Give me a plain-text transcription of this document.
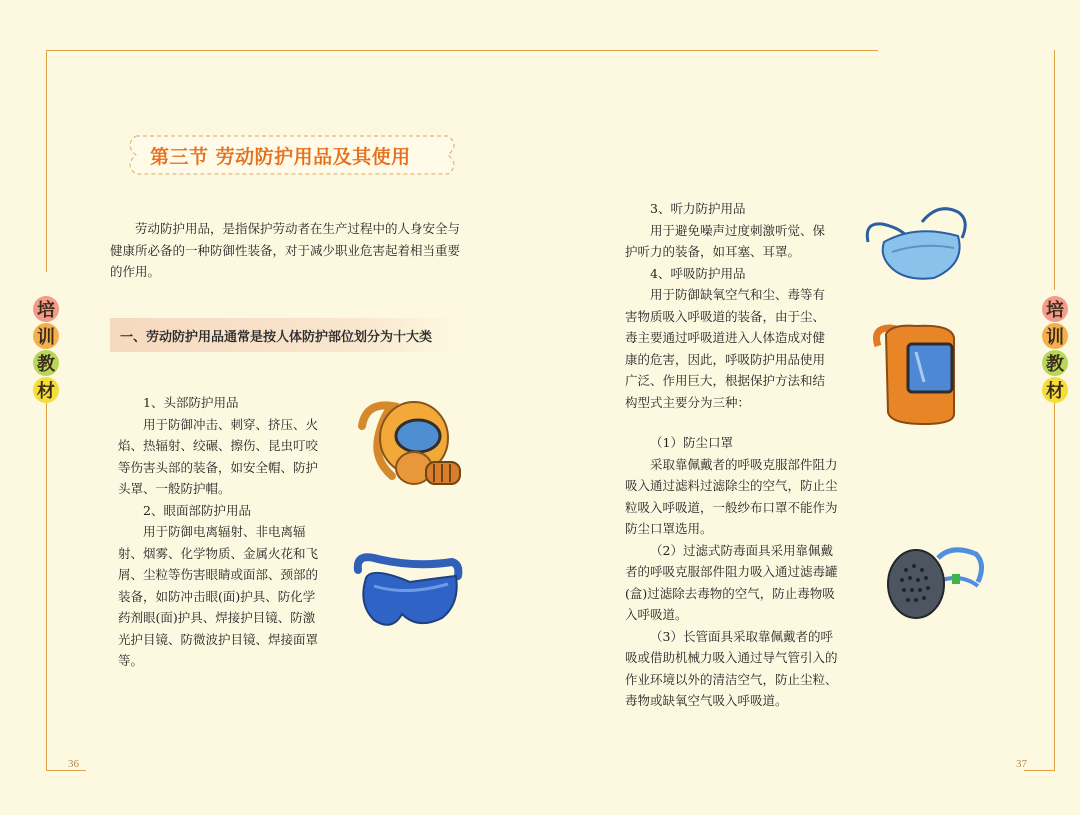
培
训
教
材
培
训
教
材
第三节 劳动防护用品及其使用

劳动防护用品，是指保护劳动者在生产过程中的人身安全与健康所必备的一种防御性装备，对于减少职业危害起着相当重要的作用。

一、劳动防护用品通常是按人体防护部位划分为十大类

1、头部防护用品

用于防御冲击、刺穿、挤压、火焰、热辐射、绞碾、擦伤、昆虫叮咬等伤害头部的装备，如安全帽、防护头罩、一般防护帽。

2、眼面部防护用品

用于防御电离辐射、非电离辐射、烟雾、化学物质、金属火花和飞屑、尘粒等伤害眼睛或面部、颈部的装备，如防冲击眼(面)护具、防化学药剂眼(面)护具、焊接护目镜、防激光护目镜、防微波护目镜、焊接面罩等。

3、听力防护用品

用于避免噪声过度刺激听觉、保护听力的装备，如耳塞、耳罩。

4、呼吸防护用品

用于防御缺氧空气和尘、毒等有害物质吸入呼吸道的装备，由于尘、毒主要通过呼吸道进入人体造成对健康的危害，因此，呼吸防护用品使用广泛、作用巨大，根据保护方法和结构型式主要分为三种：

（1）防尘口罩

采取靠佩戴者的呼吸克服部件阻力吸入通过滤料过滤除尘的空气，防止尘粒吸入呼吸道，一般纱布口罩不能作为防尘口罩选用。

（2）过滤式防毒面具采用靠佩戴者的呼吸克服部件阻力吸入通过滤毒罐(盒)过滤除去毒物的空气，防止毒物吸入呼吸道。

（3）长管面具采取靠佩戴者的呼吸或借助机械力吸入通过导气管引入的作业环境以外的清洁空气，防止尘粒、毒物或缺氧空气吸入呼吸道。

36	37
